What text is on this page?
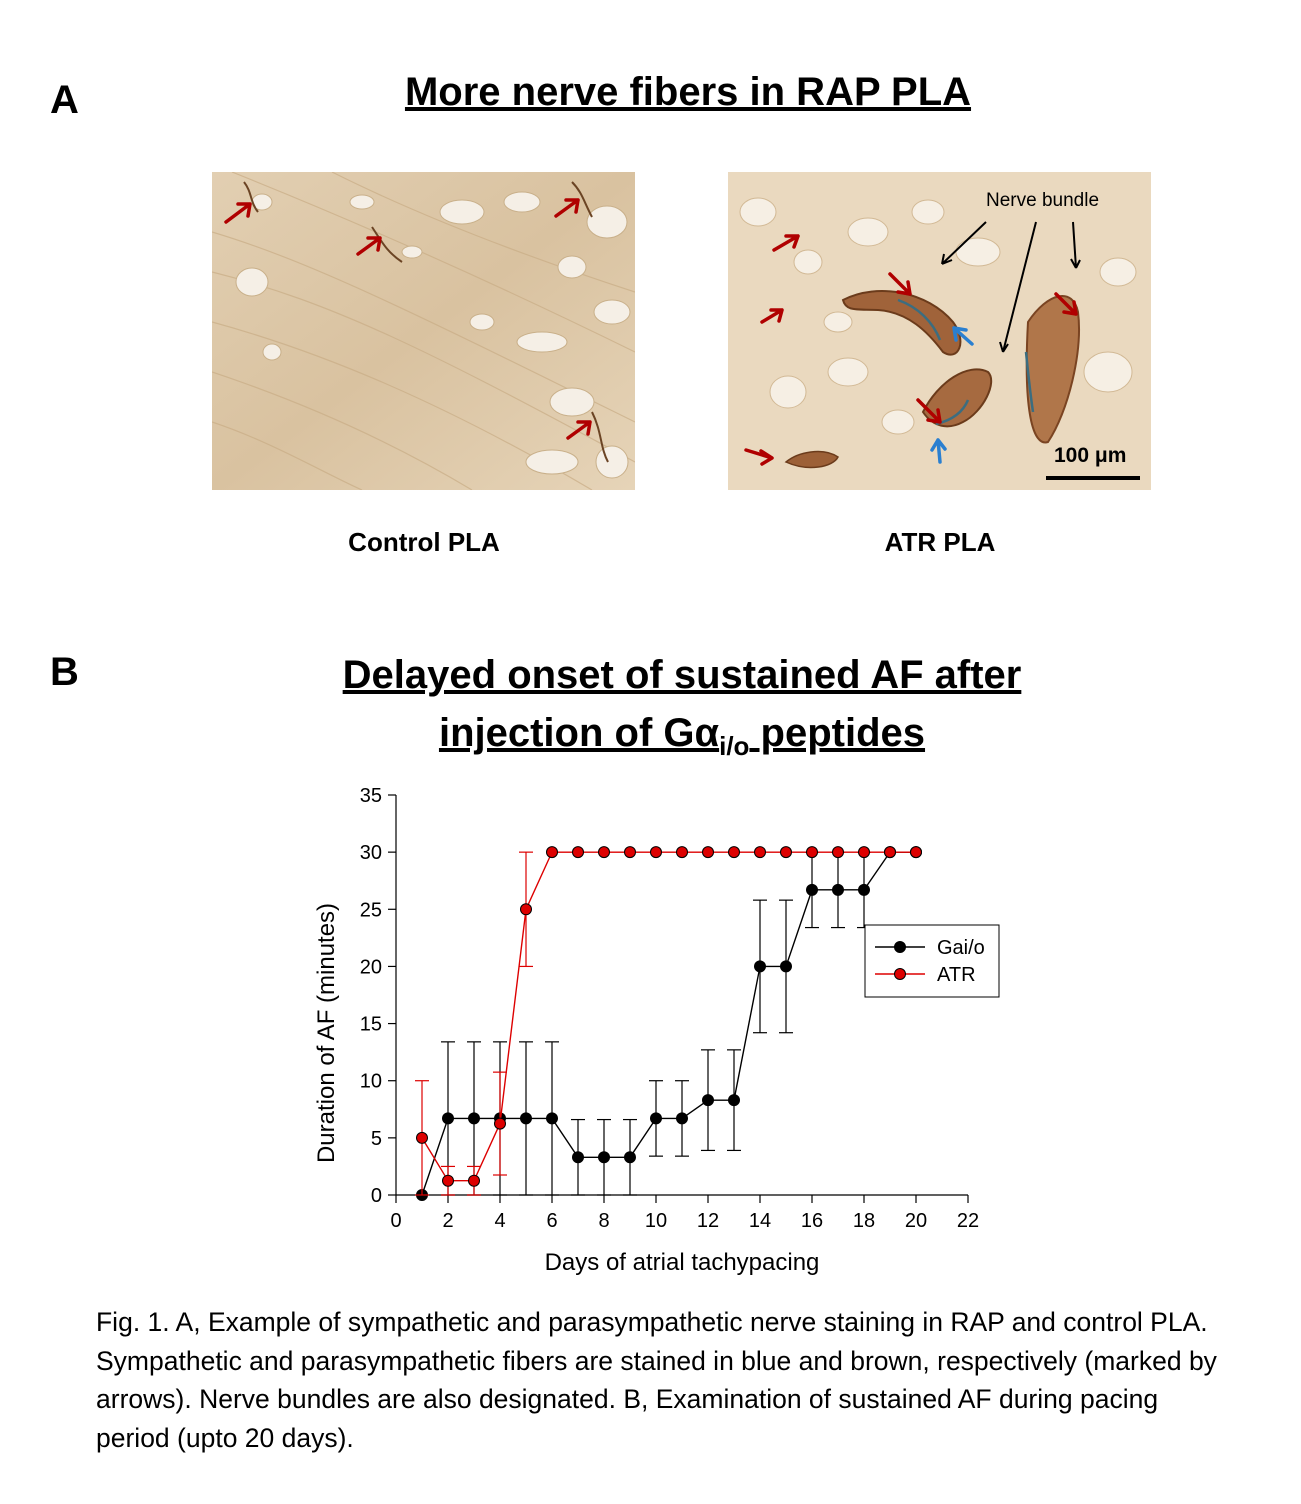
A	More nerve fibers in RAP PLA
Nerve bundle
100 μm
Control PLA	ATR PLA
B	Delayed onset of sustained AF after
injection of $G\alpha_{i/o}$ peptides
0
5
10
15
20
25
30
35
0 2 4 6 8 10 12 14 16 18 20 22
Days of atrial tachypacing
Duration of AF (minutes)	Gai/o
ATR
Fig. 1. A, Example of sympathetic and parasympathetic nerve staining in RAP and control PLA. Sympathetic and parasympathetic fibers are stained in blue and brown, respectively (marked by arrows). Nerve bundles are also designated. B, Examination of sustained AF during pacing period (upto 20 days).
